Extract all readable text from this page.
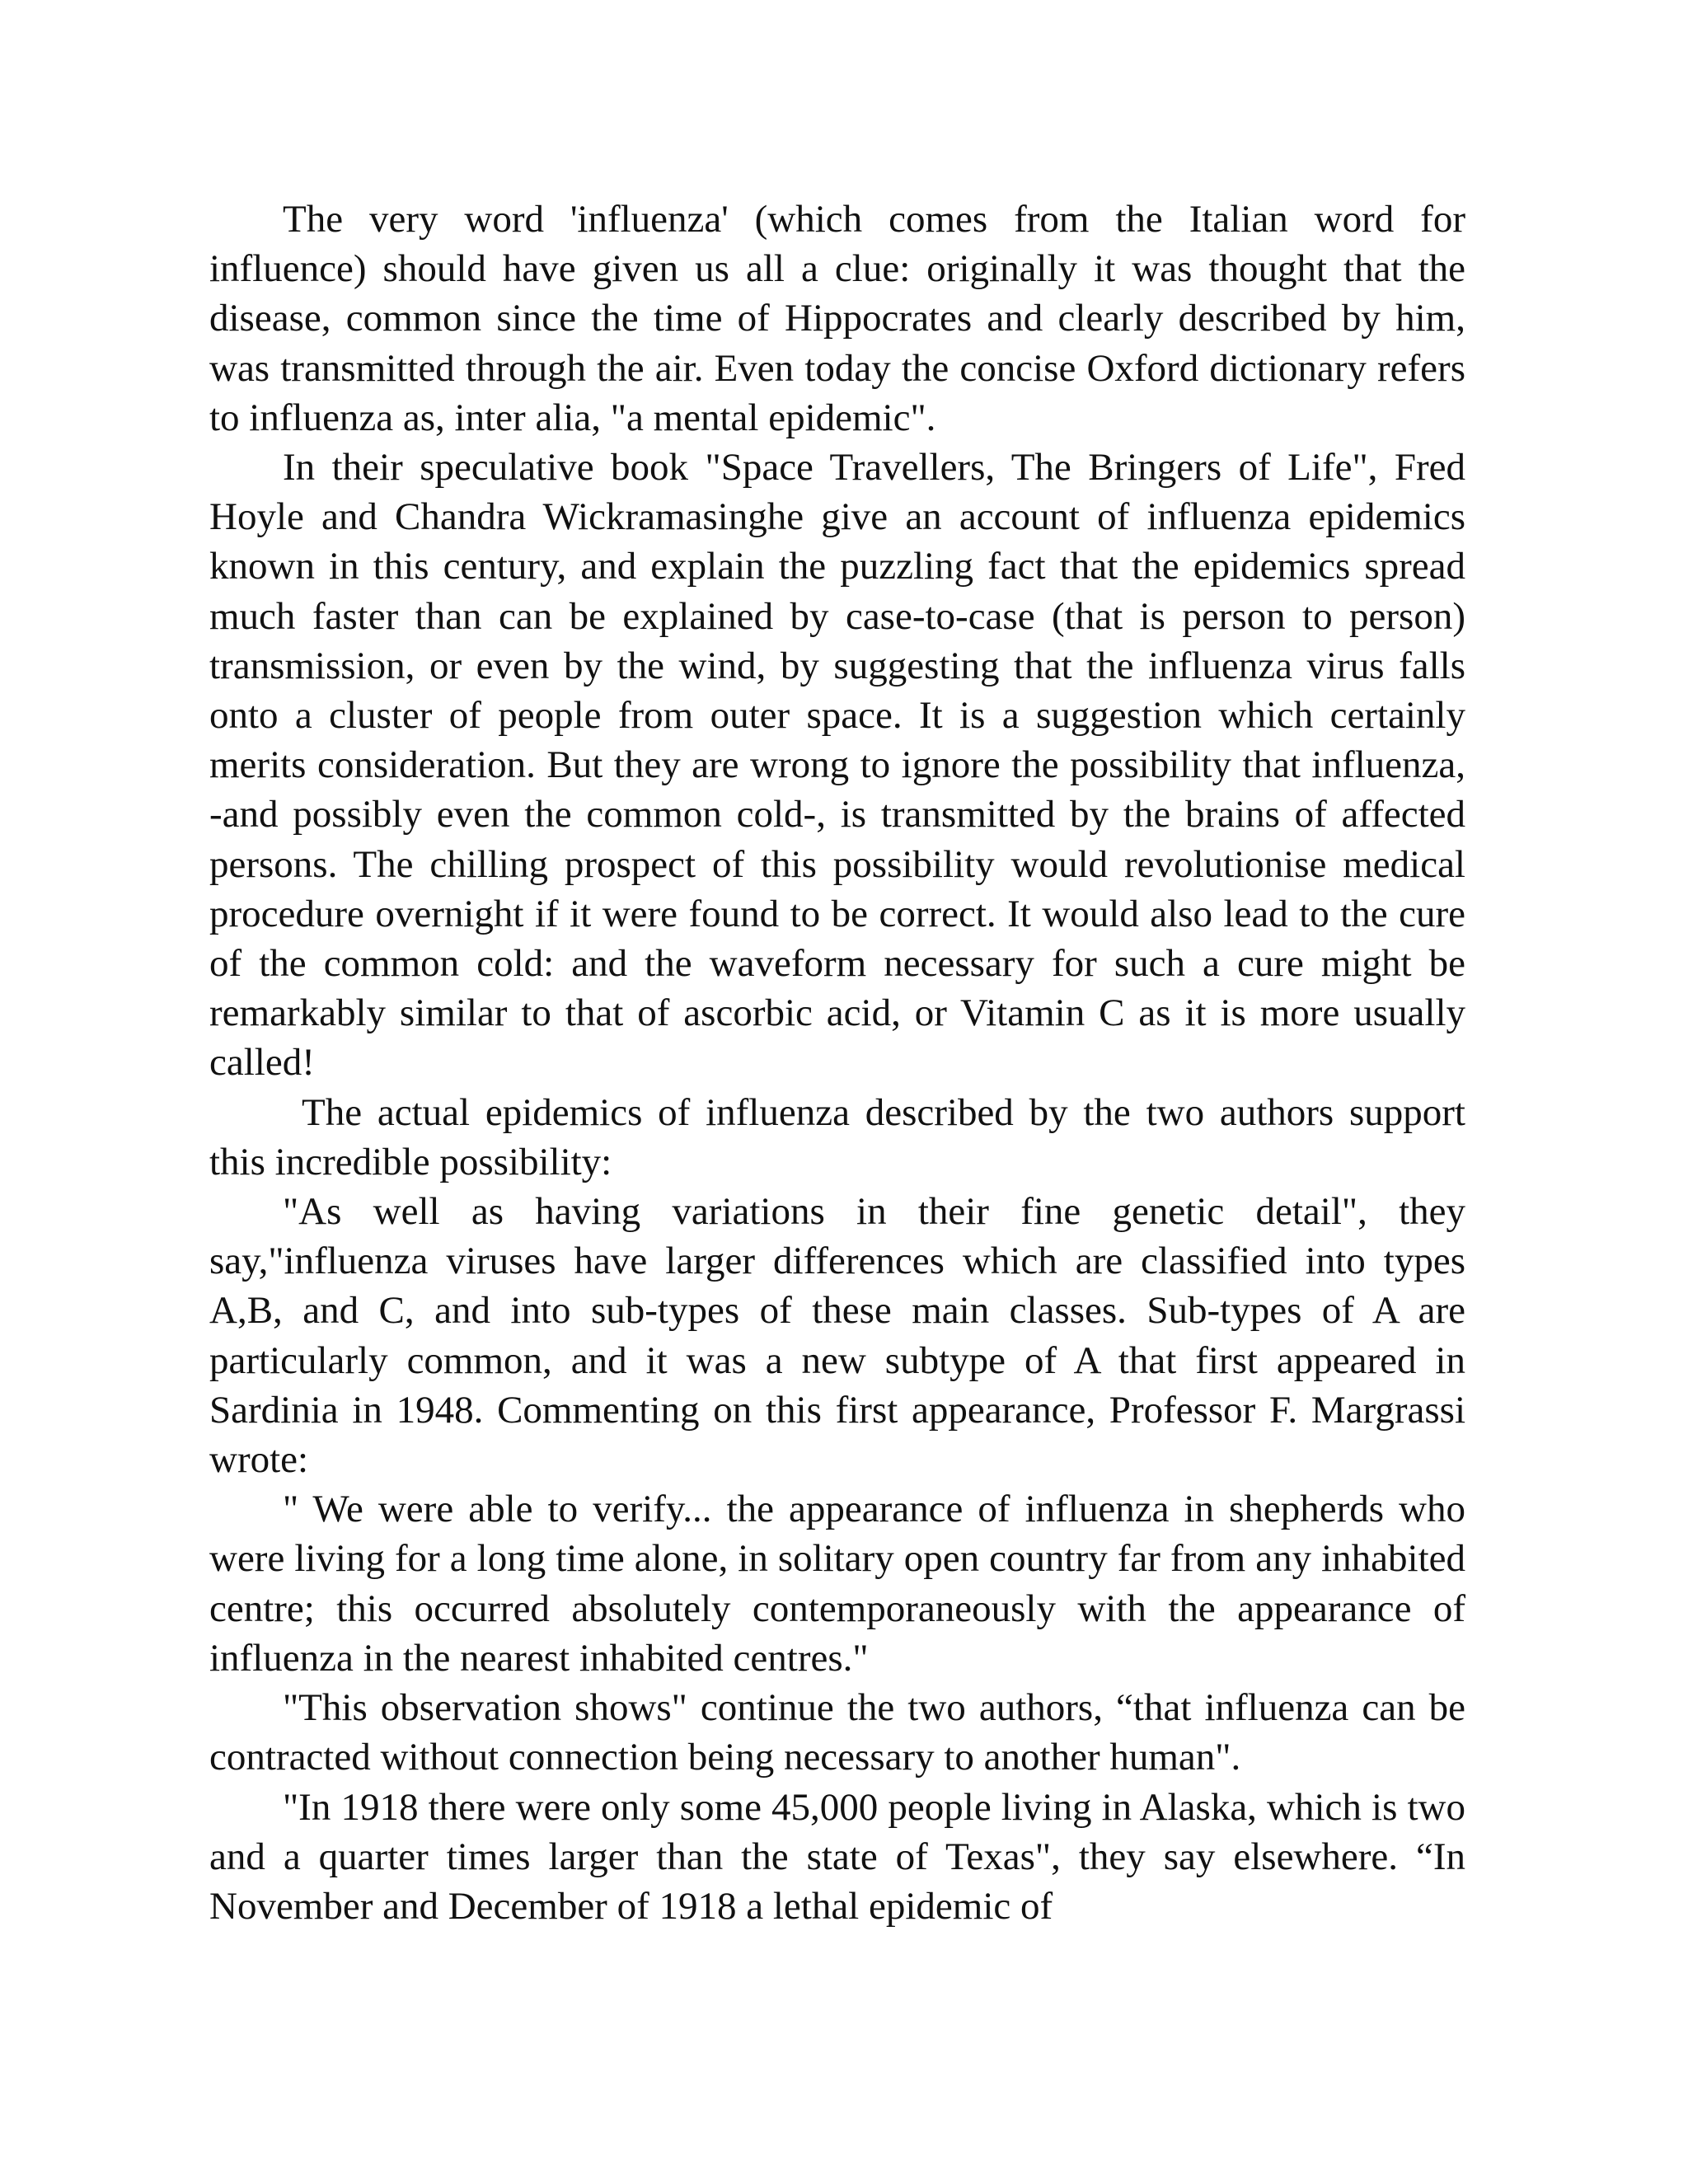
The very word 'influenza' (which comes from the Italian word for influence) should have given us all a clue: originally it was thought that the disease, common since the time of Hippocrates and clearly described by him, was transmitted through the air. Even today the concise Oxford dictionary refers to influenza as, inter alia, "a mental epidemic".

In their speculative book "Space Travellers, The Bringers of Life", Fred Hoyle and Chandra Wickramasinghe give an account of influenza epidemics known in this century, and explain the puzzling fact that the epidemics spread much faster than can be explained by case-to-case (that is person to person) transmission, or even by the wind, by suggesting that the influenza virus falls onto a cluster of people from outer space. It is a suggestion which certainly merits consideration. But they are wrong to ignore the possibility that influenza, -and possibly even the common cold-, is transmitted by the brains of affected persons. The chilling prospect of this possibility would revolutionise medical procedure overnight if it were found to be correct. It would also lead to the cure of the common cold: and the waveform necessary for such a cure might be remarkably similar to that of ascorbic acid, or Vitamin C as it is more usually called!

The actual epidemics of influenza described by the two authors support this incredible possibility:

"As well as having variations in their fine genetic detail", they say,"influenza viruses have larger differences which are classified into types A,B, and C, and into sub-types of these main classes. Sub-types of A are particularly common, and it was a new subtype of A that first appeared in Sardinia in 1948. Commenting on this first appearance, Professor F. Margrassi wrote:

" We were able to verify... the appearance of influenza in shepherds who were living for a long time alone, in solitary open country far from any inhabited centre; this occurred absolutely contemporaneously with the appearance of influenza in the nearest inhabited centres."

"This observation shows" continue the two authors, “that influenza can be contracted without connection being necessary to another human".

"In 1918 there were only some 45,000 people living in Alaska, which is two and a quarter times larger than the state of Texas", they say elsewhere. “In November and December of 1918 a lethal epidemic of
